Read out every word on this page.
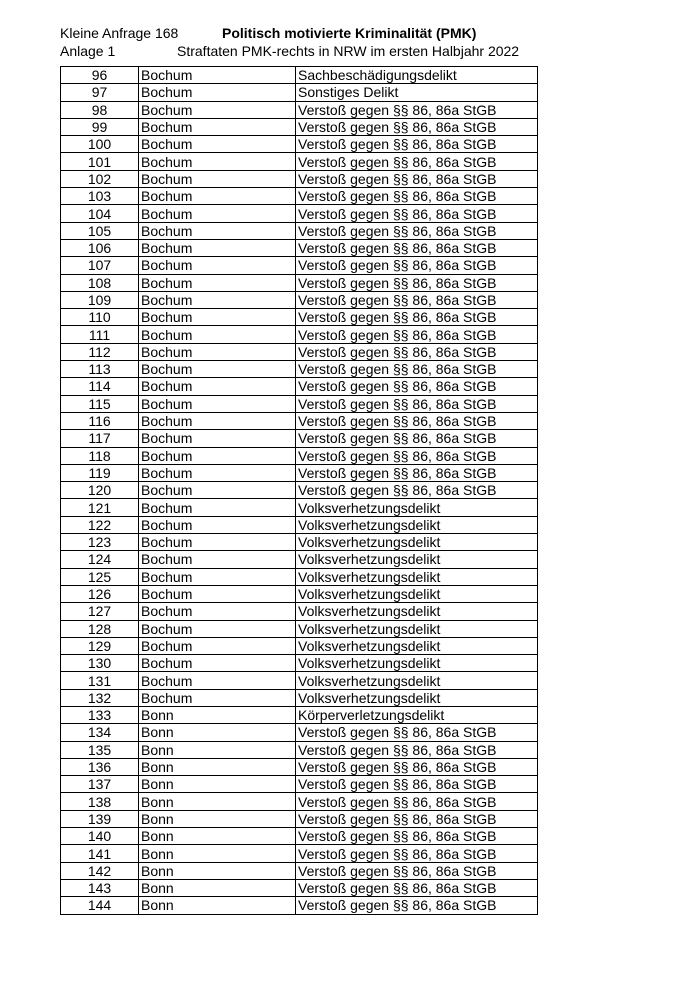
Kleine Anfrage 168
Anlage 1
Politisch motivierte Kriminalität (PMK)
Straftaten PMK-rechts in NRW im ersten Halbjahr 2022
96	Bochum	Sachbeschädigungsdelikt
97	Bochum	Sonstiges Delikt
98	Bochum	Verstoß gegen §§ 86, 86a StGB
99	Bochum	Verstoß gegen §§ 86, 86a StGB
100	Bochum	Verstoß gegen §§ 86, 86a StGB
101	Bochum	Verstoß gegen §§ 86, 86a StGB
102	Bochum	Verstoß gegen §§ 86, 86a StGB
103	Bochum	Verstoß gegen §§ 86, 86a StGB
104	Bochum	Verstoß gegen §§ 86, 86a StGB
105	Bochum	Verstoß gegen §§ 86, 86a StGB
106	Bochum	Verstoß gegen §§ 86, 86a StGB
107	Bochum	Verstoß gegen §§ 86, 86a StGB
108	Bochum	Verstoß gegen §§ 86, 86a StGB
109	Bochum	Verstoß gegen §§ 86, 86a StGB
110	Bochum	Verstoß gegen §§ 86, 86a StGB
111	Bochum	Verstoß gegen §§ 86, 86a StGB
112	Bochum	Verstoß gegen §§ 86, 86a StGB
113	Bochum	Verstoß gegen §§ 86, 86a StGB
114	Bochum	Verstoß gegen §§ 86, 86a StGB
115	Bochum	Verstoß gegen §§ 86, 86a StGB
116	Bochum	Verstoß gegen §§ 86, 86a StGB
117	Bochum	Verstoß gegen §§ 86, 86a StGB
118	Bochum	Verstoß gegen §§ 86, 86a StGB
119	Bochum	Verstoß gegen §§ 86, 86a StGB
120	Bochum	Verstoß gegen §§ 86, 86a StGB
121	Bochum	Volksverhetzungsdelikt
122	Bochum	Volksverhetzungsdelikt
123	Bochum	Volksverhetzungsdelikt
124	Bochum	Volksverhetzungsdelikt
125	Bochum	Volksverhetzungsdelikt
126	Bochum	Volksverhetzungsdelikt
127	Bochum	Volksverhetzungsdelikt
128	Bochum	Volksverhetzungsdelikt
129	Bochum	Volksverhetzungsdelikt
130	Bochum	Volksverhetzungsdelikt
131	Bochum	Volksverhetzungsdelikt
132	Bochum	Volksverhetzungsdelikt
133	Bonn	Körperverletzungsdelikt
134	Bonn	Verstoß gegen §§ 86, 86a StGB
135	Bonn	Verstoß gegen §§ 86, 86a StGB
136	Bonn	Verstoß gegen §§ 86, 86a StGB
137	Bonn	Verstoß gegen §§ 86, 86a StGB
138	Bonn	Verstoß gegen §§ 86, 86a StGB
139	Bonn	Verstoß gegen §§ 86, 86a StGB
140	Bonn	Verstoß gegen §§ 86, 86a StGB
141	Bonn	Verstoß gegen §§ 86, 86a StGB
142	Bonn	Verstoß gegen §§ 86, 86a StGB
143	Bonn	Verstoß gegen §§ 86, 86a StGB
144	Bonn	Verstoß gegen §§ 86, 86a StGB
